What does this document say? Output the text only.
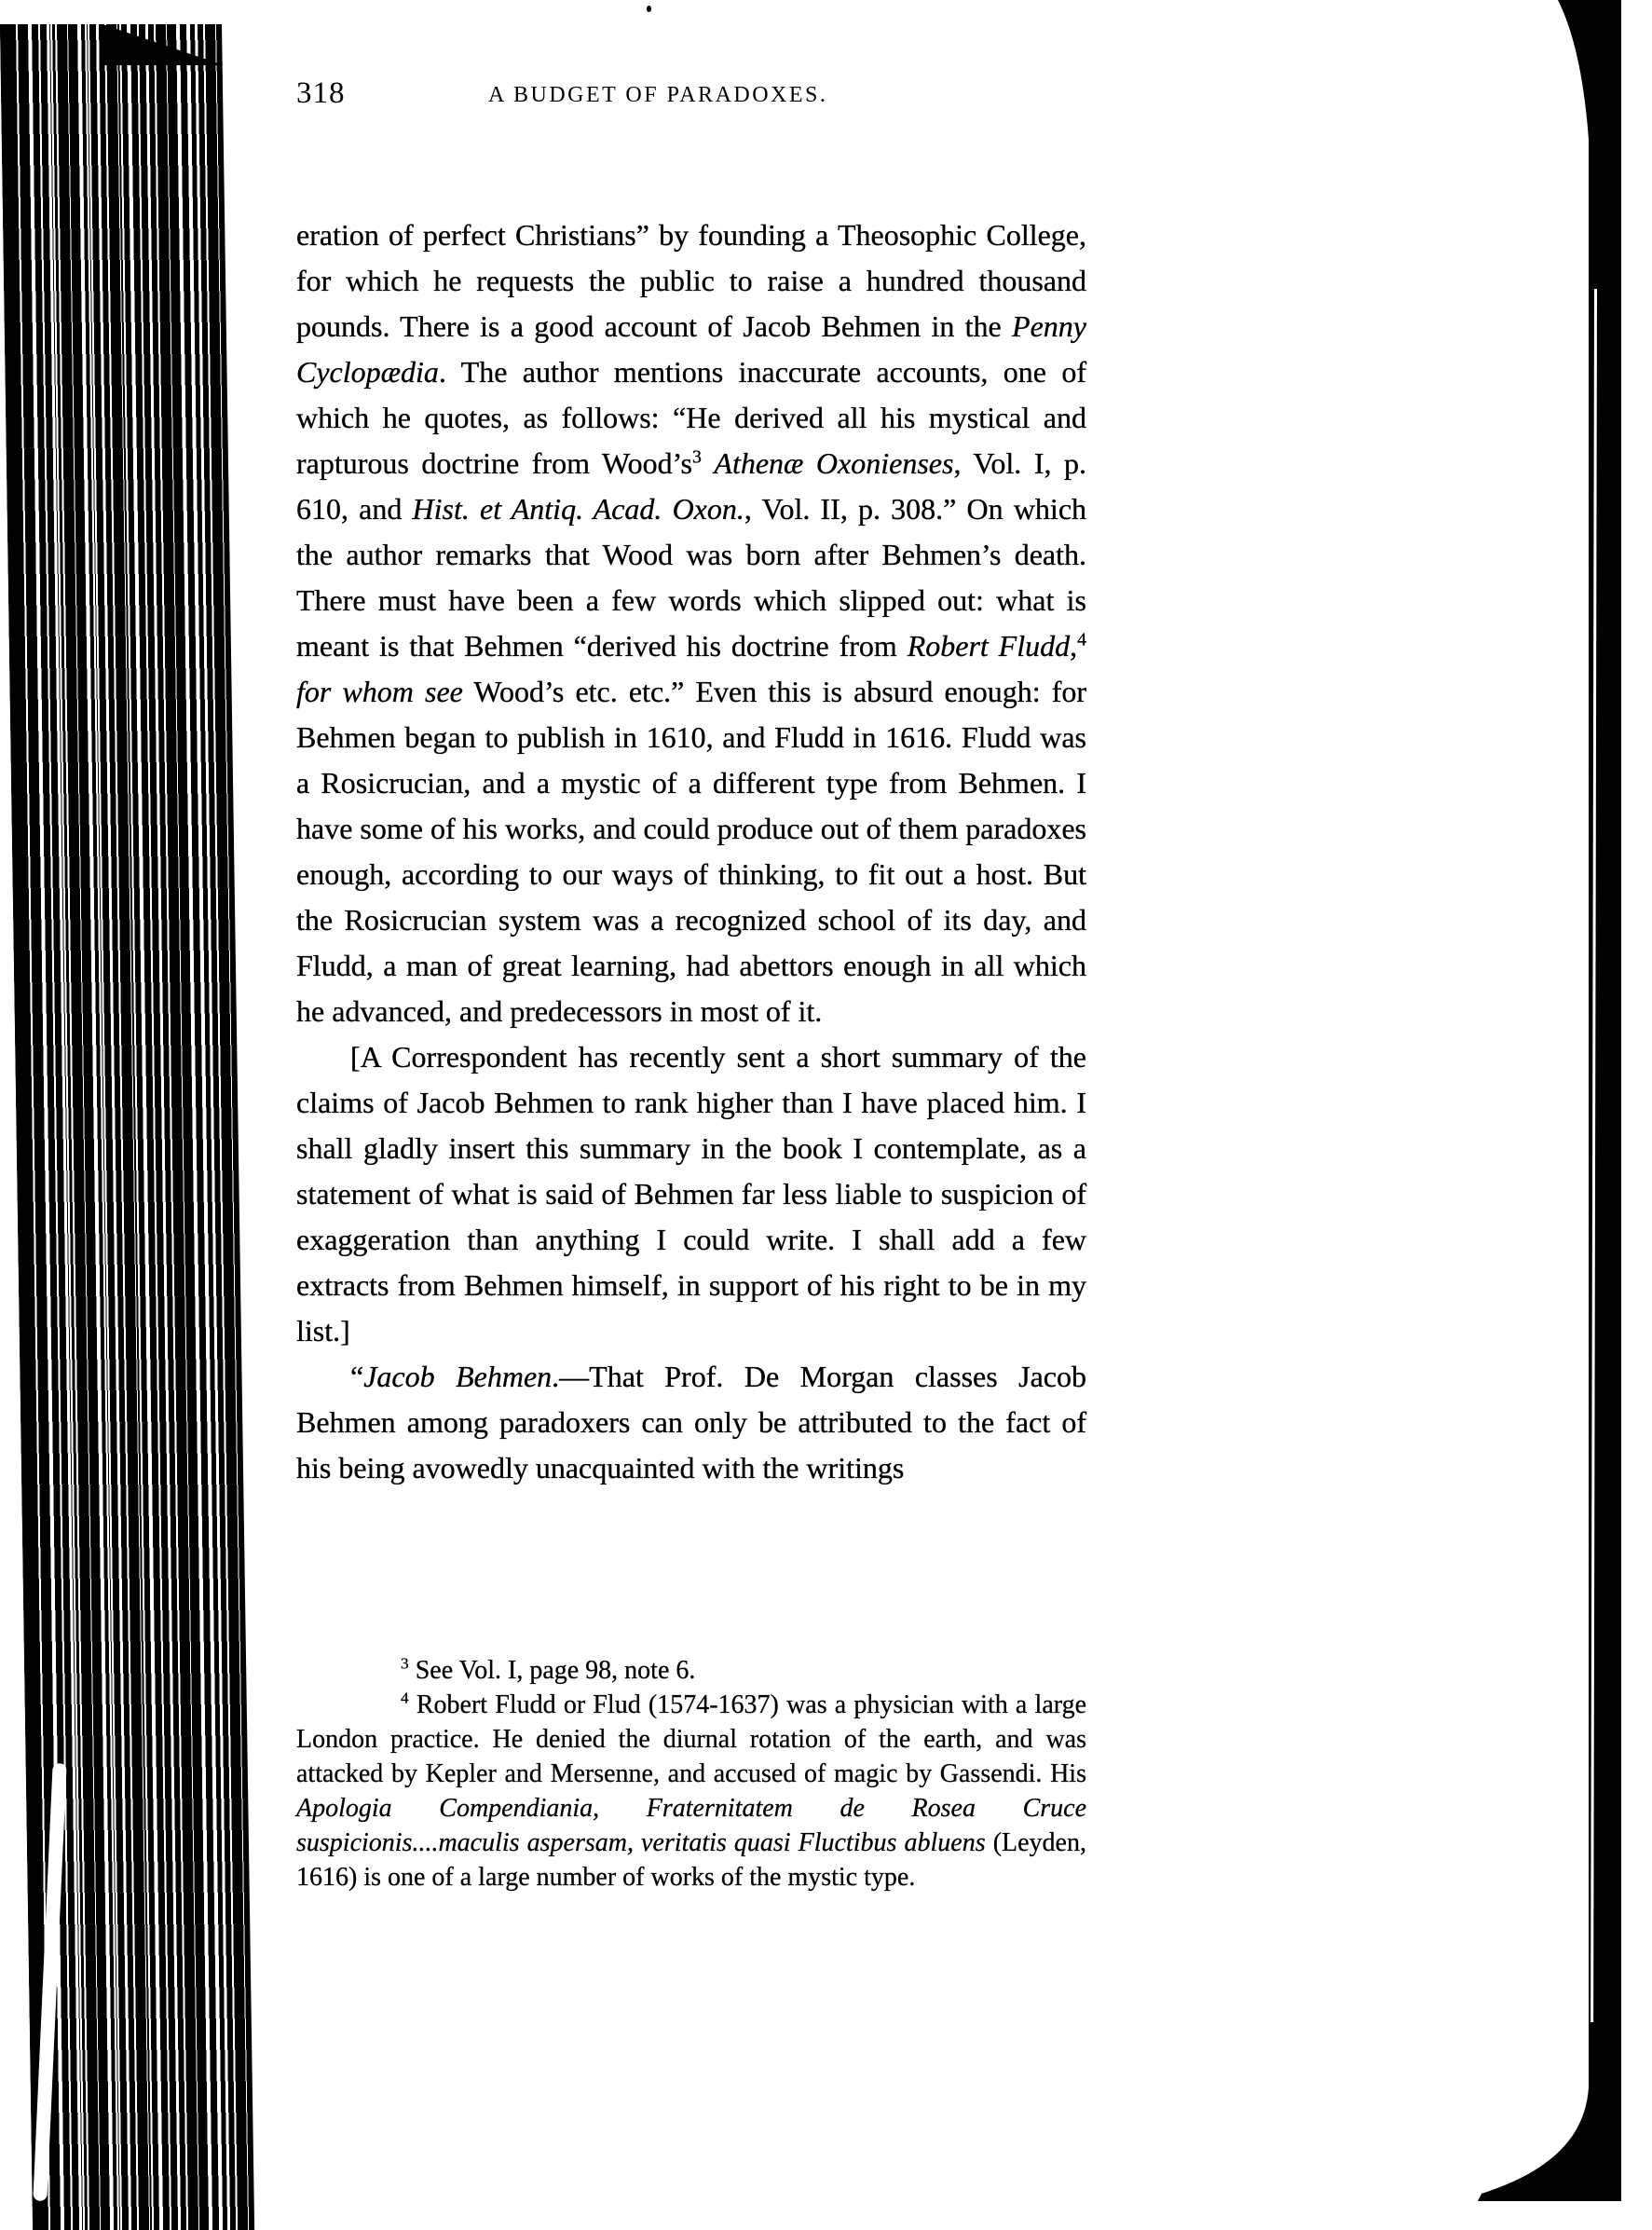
318	A BUDGET OF PARADOXES.

eration of perfect Christians” by founding a Theosophic College, for which he requests the public to raise a hundred thousand pounds. There is a good account of Jacob Behmen in the Penny Cyclopædia. The author mentions inaccurate accounts, one of which he quotes, as follows: “He derived all his mystical and rapturous doctrine from $Wood’s^3$ Athenæ Oxonienses, Vol. I, p. 610, and Hist. et Antiq. Acad. Oxon., Vol. II, p. 308.” On which the author remarks that Wood was born after Behmen’s death. There must have been a few words which slipped out: what is meant is that Behmen “derived his doctrine from Robert Fludd,$^4$ for whom see Wood’s etc. etc.” Even this is absurd enough: for Behmen began to publish in 1610, and Fludd in 1616. Fludd was a Rosicrucian, and a mystic of a different type from Behmen. I have some of his works, and could produce out of them paradoxes enough, according to our ways of thinking, to fit out a host. But the Rosicrucian system was a recognized school of its day, and Fludd, a man of great learning, had abettors enough in all which he advanced, and predecessors in most of it.

[A Correspondent has recently sent a short summary of the claims of Jacob Behmen to rank higher than I have placed him. I shall gladly insert this summary in the book I contemplate, as a statement of what is said of Behmen far less liable to suspicion of exaggeration than anything I could write. I shall add a few extracts from Behmen himself, in support of his right to be in my list.]

“Jacob Behmen.—That Prof. De Morgan classes Jacob Behmen among paradoxers can only be attributed to the fact of his being avowedly unacquainted with the writings

$^3$ See Vol. I, page 98, note 6.

$^4$ Robert Fludd or Flud (1574-1637) was a physician with a large London practice. He denied the diurnal rotation of the earth, and was attacked by Kepler and Mersenne, and accused of magic by Gassendi. His Apologia Compendiania, Fraternitatem de Rosea Cruce suspicionis....maculis aspersam, veritatis quasi Fluctibus abluens (Leyden, 1616) is one of a large number of works of the mystic type.
